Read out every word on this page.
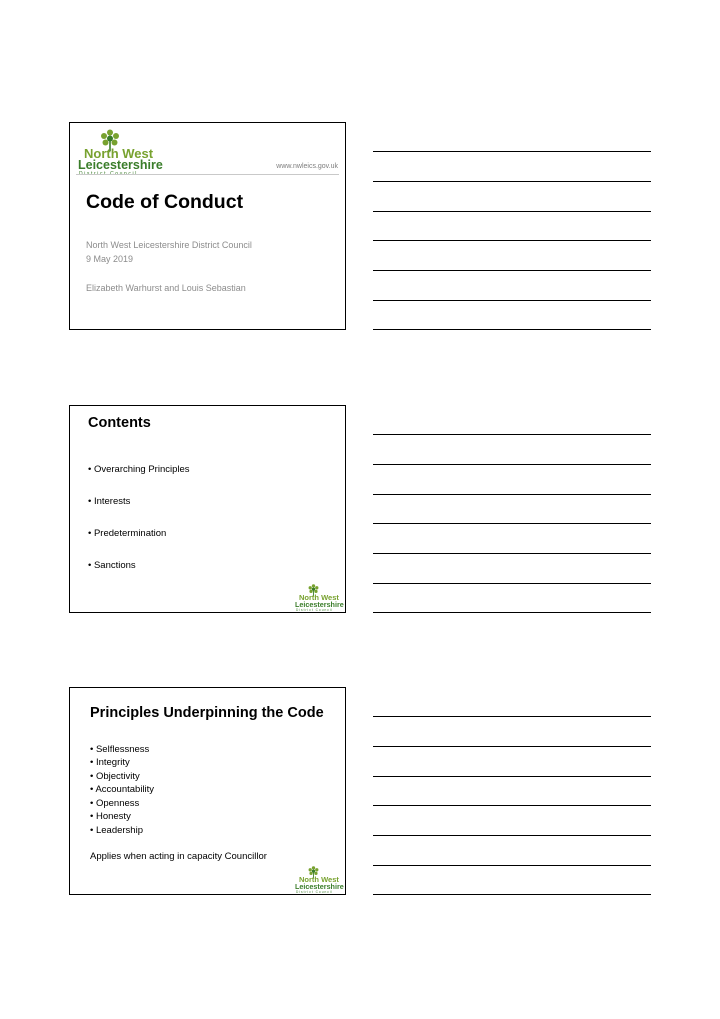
North West
Leicestershire
District Council
www.nwleics.gov.uk
Code of Conduct
North West Leicestershire District Council
9 May 2019
Elizabeth Warhurst and Louis Sebastian
Contents
• Overarching Principles
• Interests
• Predetermination
• Sanctions
North West
Leicestershire
District Council
Principles Underpinning the Code
• Selflessness
• Integrity
• Objectivity
• Accountability
• Openness
• Honesty
• Leadership
Applies when acting in capacity Councillor
North West
Leicestershire
District Council
